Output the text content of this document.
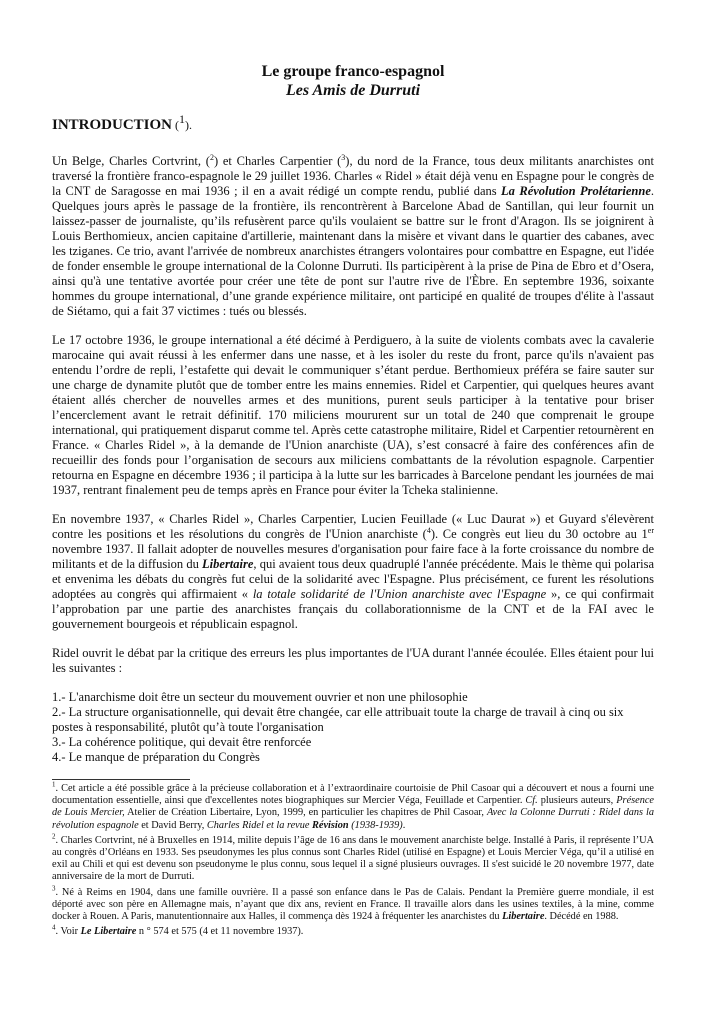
Le groupe franco-espagnol
Les Amis de Durruti
INTRODUCTION ($^1$).

Un Belge, Charles Cortvrint, ($^2$) et Charles Carpentier ($^3$), du nord de la France, tous deux militants anarchistes ont traversé la frontière franco-espagnole le 29 juillet 1936. Charles « Ridel » était déjà venu en Espagne pour le congrès de la CNT de Saragosse en mai 1936 ; il en a avait rédigé un compte rendu, publié dans La Révolution Prolétarienne. Quelques jours après le passage de la frontière, ils rencontrèrent à Barcelone Abad de Santillan, qui leur fournit un laissez-passer de journaliste, qu’ils refusèrent parce qu'ils voulaient se battre sur le front d'Aragon. Ils se joignirent à Louis Berthomieux, ancien capitaine d'artillerie, maintenant dans la misère et vivant dans le quartier des cabanes, avec les tziganes. Ce trio, avant l'arrivée de nombreux anarchistes étrangers volontaires pour combattre en Espagne, eut l'idée de fonder ensemble le groupe international de la Colonne Durruti. Ils participèrent à la prise de Pina de Ebro et d’Osera, ainsi qu'à une tentative avortée pour créer une tête de pont sur l'autre rive de l'Èbre. En septembre 1936, soixante hommes du groupe international, d’une grande expérience militaire, ont participé en qualité de troupes d'élite à l'assaut de Siétamo, qui a fait 37 victimes : tués ou blessés.

Le 17 octobre 1936, le groupe international a été décimé à Perdiguero, à la suite de violents combats avec la cavalerie marocaine qui avait réussi à les enfermer dans une nasse, et à les isoler du reste du front, parce qu'ils n'avaient pas entendu l’ordre de repli, l’estafette qui devait le communiquer s’étant perdue. Berthomieux préféra se faire sauter sur une charge de dynamite plutôt que de tomber entre les mains ennemies. Ridel et Carpentier, qui quelques heures avant étaient allés chercher de nouvelles armes et des munitions, purent seuls participer à la tentative pour briser l’encerclement avant le retrait définitif. 170 miliciens moururent sur un total de 240 que comprenait le groupe international, qui pratiquement disparut comme tel. Après cette catastrophe militaire, Ridel et Carpentier retournèrent en France. « Charles Ridel », à la demande de l'Union anarchiste (UA), s’est consacré à faire des conférences afin de recueillir des fonds pour l’organisation de secours aux miliciens combattants de la révolution espagnole. Carpentier retourna en Espagne en décembre 1936 ; il participa à la lutte sur les barricades à Barcelone pendant les journées de mai 1937, rentrant finalement peu de temps après en France pour éviter la Tcheka stalinienne.

En novembre 1937, « Charles Ridel », Charles Carpentier, Lucien Feuillade (« Luc Daurat ») et Guyard s'élevèrent contre les positions et les résolutions du congrès de l'Union anarchiste ($^4$). Ce congrès eut lieu du 30 octobre au 1er novembre 1937. Il fallait adopter de nouvelles mesures d'organisation pour faire face à la forte croissance du nombre de militants et de la diffusion du Libertaire, qui avaient tous deux quadruplé l'année précédente. Mais le thème qui polarisa et envenima les débats du congrès fut celui de la solidarité avec l'Espagne. Plus précisément, ce furent les résolutions adoptées au congrès qui affirmaient « la totale solidarité de l'Union anarchiste avec l'Espagne », ce qui confirmait l’approbation par une partie des anarchistes français du collaborationnisme de la CNT et de la FAI avec le gouvernement bourgeois et républicain espagnol.

Ridel ouvrit le débat par la critique des erreurs les plus importantes de l'UA durant l'année écoulée. Elles étaient pour lui les suivantes :

1.- L'anarchisme doit être un secteur du mouvement ouvrier et non une philosophie
2.- La structure organisationnelle, qui devait être changée, car elle attribuait toute la charge de travail à cinq ou six postes à responsabilité, plutôt qu’à toute l'organisation
3.- La cohérence politique, qui devait être renforcée
4.- Le manque de préparation du Congrès

$^1$. Cet article a été possible grâce à la précieuse collaboration et à l’extraordinaire courtoisie de Phil Casoar qui a découvert et nous a fourni une documentation essentielle, ainsi que d'excellentes notes biographiques sur Mercier Véga, Feuillade et Carpentier. Cf. plusieurs auteurs, Présence de Louis Mercier, Atelier de Création Libertaire, Lyon, 1999, en particulier les chapitres de Phil Casoar, Avec la Colonne Durruti : Ridel dans la révolution espagnole et David Berry, Charles Ridel et la revue Révision (1938-1939).

$^2$. Charles Cortvrint, né à Bruxelles en 1914, milite depuis l’âge de 16 ans dans le mouvement anarchiste belge. Installé à Paris, il représente l’UA au congrès d’Orléans en 1933. Ses pseudonymes les plus connus sont Charles Ridel (utilisé en Espagne) et Louis Mercier Véga, qu’il a utilisé en exil au Chili et qui est devenu son pseudonyme le plus connu, sous lequel il a signé plusieurs ouvrages. Il s'est suicidé le 20 novembre 1977, date anniversaire de la mort de Durruti.

$^3$. Né à Reims en 1904, dans une famille ouvrière. Il a passé son enfance dans le Pas de Calais. Pendant la Première guerre mondiale, il est déporté avec son père en Allemagne mais, n’ayant que dix ans, revient en France. Il travaille alors dans les usines textiles, à la mine, comme docker à Rouen. A Paris, manutentionnaire aux Halles, il commença dès 1924 à fréquenter les anarchistes du Libertaire. Décédé en 1988.

$^4$. Voir Le Libertaire n ° 574 et 575 (4 et 11 novembre 1937).
